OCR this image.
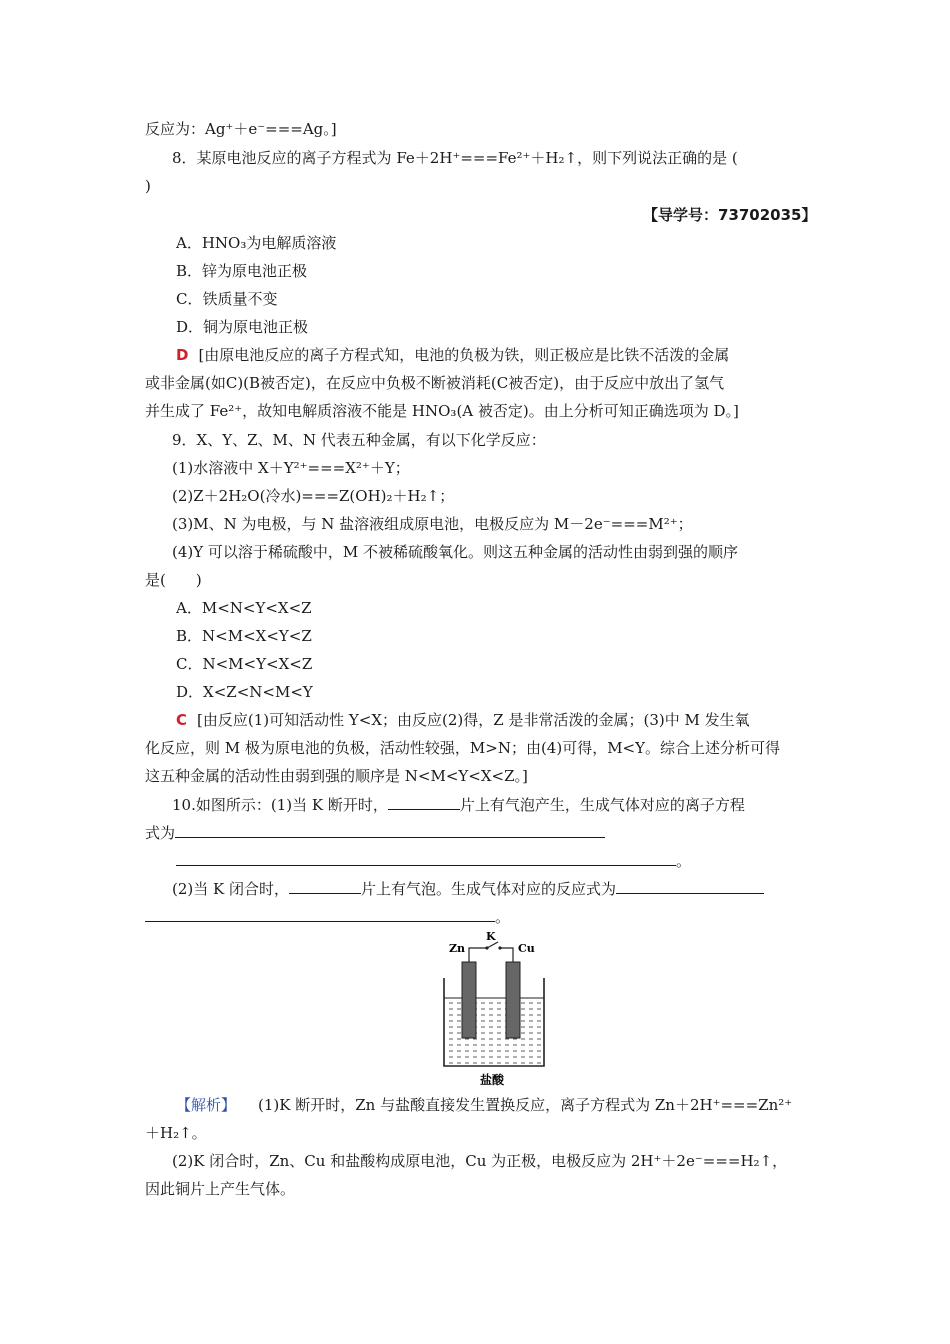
反应为：Ag⁺＋e⁻===Ag。]
8．某原电池反应的离子方程式为 Fe＋2H⁺===Fe²⁺＋H₂↑，则下列说法正确的是 (
)
【导学号：73702035】
A．HNO₃为电解质溶液
B．锌为原电池正极
C．铁质量不变
D．铜为原电池正极
D [由原电池反应的离子方程式知，电池的负极为铁，则正极应是比铁不活泼的金属
或非金属(如C)(B被否定)，在反应中负极不断被消耗(C被否定)，由于反应中放出了氢气
并生成了 Fe²⁺，故知电解质溶液不能是 HNO₃(A 被否定)。由上分析可知正确选项为 D。]
9．X、Y、Z、M、N 代表五种金属，有以下化学反应：
(1)水溶液中 X＋Y²⁺===X²⁺＋Y；
(2)Z＋2H₂O(冷水)===Z(OH)₂＋H₂↑；
(3)M、N 为电极，与 N 盐溶液组成原电池，电极反应为 M－2e⁻===M²⁺；
(4)Y 可以溶于稀硫酸中，M 不被稀硫酸氧化。则这五种金属的活动性由弱到强的顺序
是(　　)
A．M<N<Y<X<Z
B．N<M<X<Y<Z
C．N<M<Y<X<Z
D．X<Z<N<M<Y
C [由反应(1)可知活动性 Y<X；由反应(2)得，Z 是非常活泼的金属；(3)中 M 发生氧
化反应，则 M 极为原电池的负极，活动性较强，M>N；由(4)可得，M<Y。综合上述分析可得
这五种金属的活动性由弱到强的顺序是 N<M<Y<X<Z。]
10.如图所示：(1)当 K 断开时，	片上有气泡产生，生成气体对应的离子方程
式为
。
(2)当 K 闭合时，	片上有气泡。生成气体对应的反应式为
。
K
Zn	Cu
盐酸
【解析】 (1)K 断开时，Zn 与盐酸直接发生置换反应，离子方程式为 Zn＋2H⁺===Zn²⁺
＋H₂↑。
(2)K 闭合时，Zn、Cu 和盐酸构成原电池，Cu 为正极，电极反应为 2H⁺＋2e⁻===H₂↑，
因此铜片上产生气体。
